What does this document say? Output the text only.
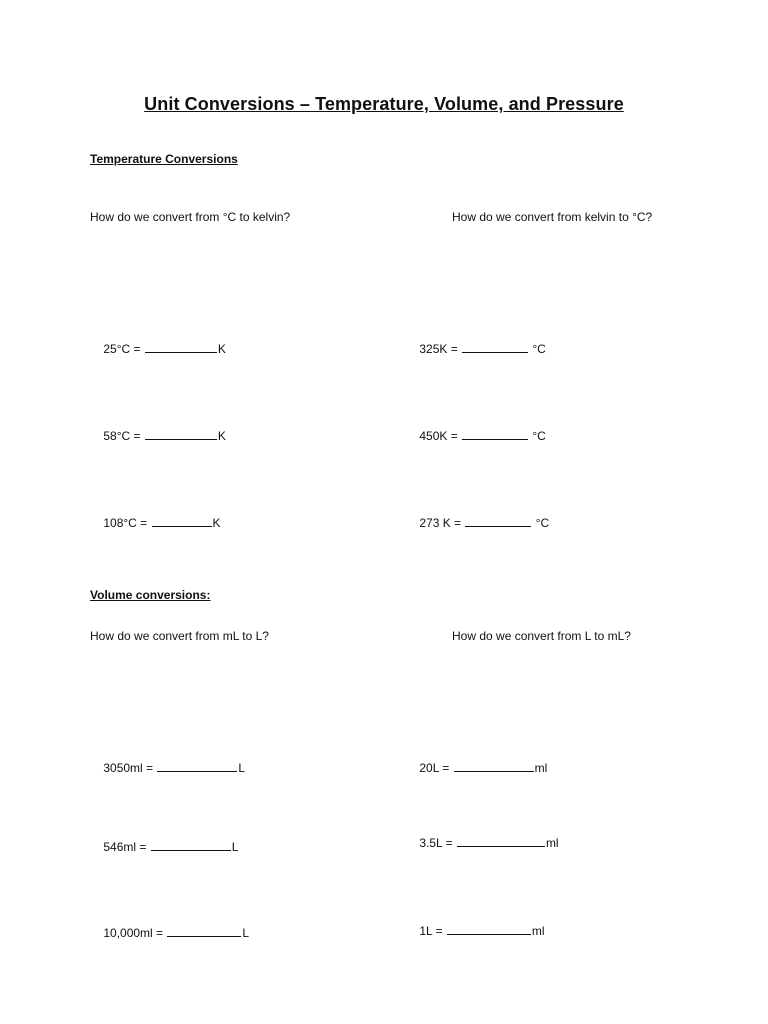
Unit Conversions – Temperature, Volume, and Pressure
Temperature Conversions
How do we convert from °C to kelvin?	How do we convert from kelvin to °C?

25°C =	K
	325K =	°C

58°C =	K
	450K =	°C

108°C =	K
	273 K =	°C

Volume conversions:
How do we convert from mL to L?	How do we convert from L to mL?

3050ml =	L
	20L =	ml

546ml =	L
	3.5L =	ml

10,000ml =	L
	1L =	ml
